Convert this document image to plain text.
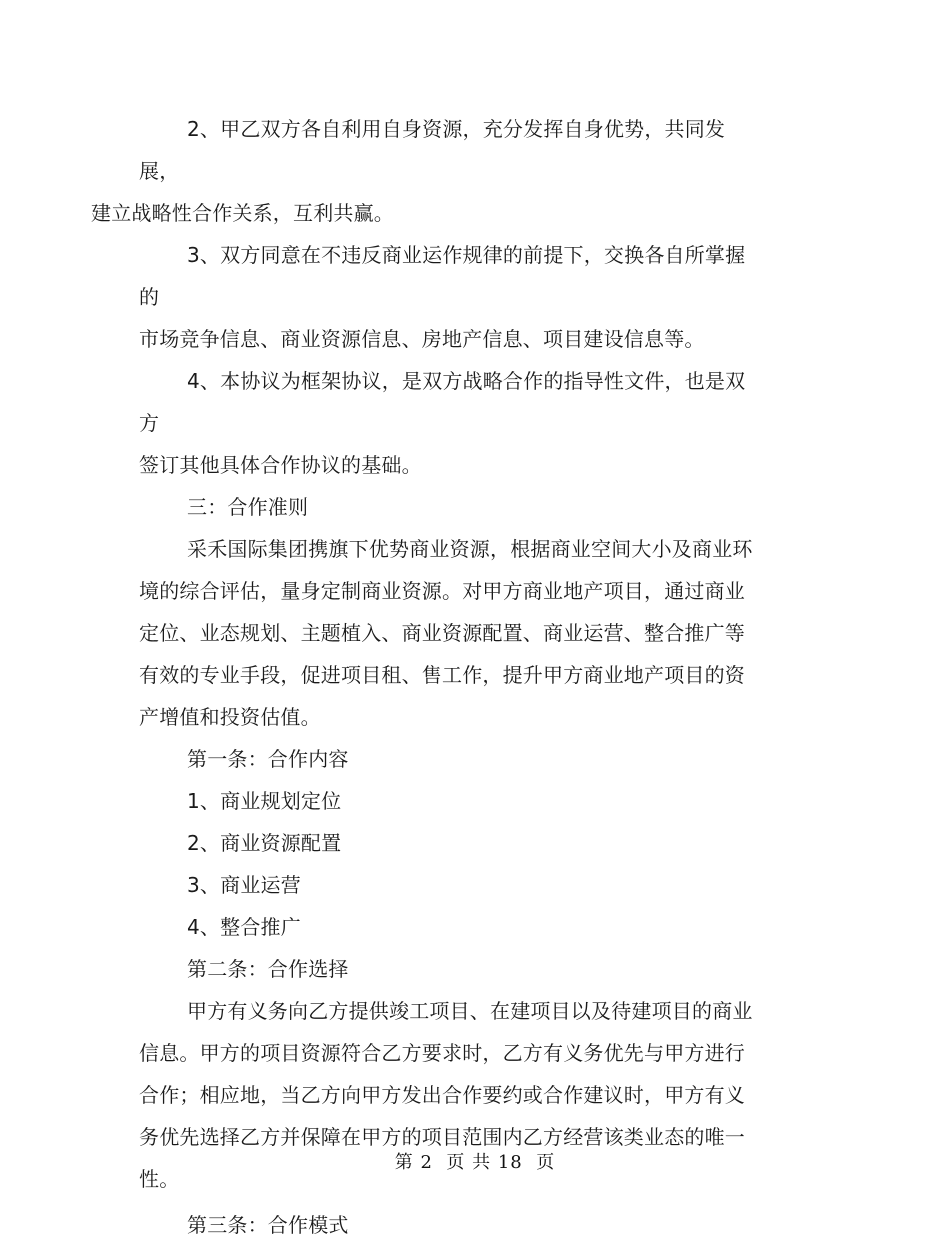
2、甲乙双方各自利用自身资源，充分发挥自身优势，共同发展，
建立战略性合作关系，互利共赢。

3、双方同意在不违反商业运作规律的前提下，交换各自所掌握的
市场竞争信息、商业资源信息、房地产信息、项目建设信息等。

4、本协议为框架协议，是双方战略合作的指导性文件，也是双方
签订其他具体合作协议的基础。

三：合作准则

采禾国际集团携旗下优势商业资源，根据商业空间大小及商业环
境的综合评估，量身定制商业资源。对甲方商业地产项目，通过商业
定位、业态规划、主题植入、商业资源配置、商业运营、整合推广等
有效的专业手段，促进项目租、售工作，提升甲方商业地产项目的资
产增值和投资估值。

第一条：合作内容

1、商业规划定位

2、商业资源配置

3、商业运营

4、整合推广

第二条：合作选择

甲方有义务向乙方提供竣工项目、在建项目以及待建项目的商业
信息。甲方的项目资源符合乙方要求时，乙方有义务优先与甲方进行
合作；相应地，当乙方向甲方发出合作要约或合作建议时，甲方有义
务优先选择乙方并保障在甲方的项目范围内乙方经营该类业态的唯一
性。

第三条：合作模式

第 2  页 共 18  页
